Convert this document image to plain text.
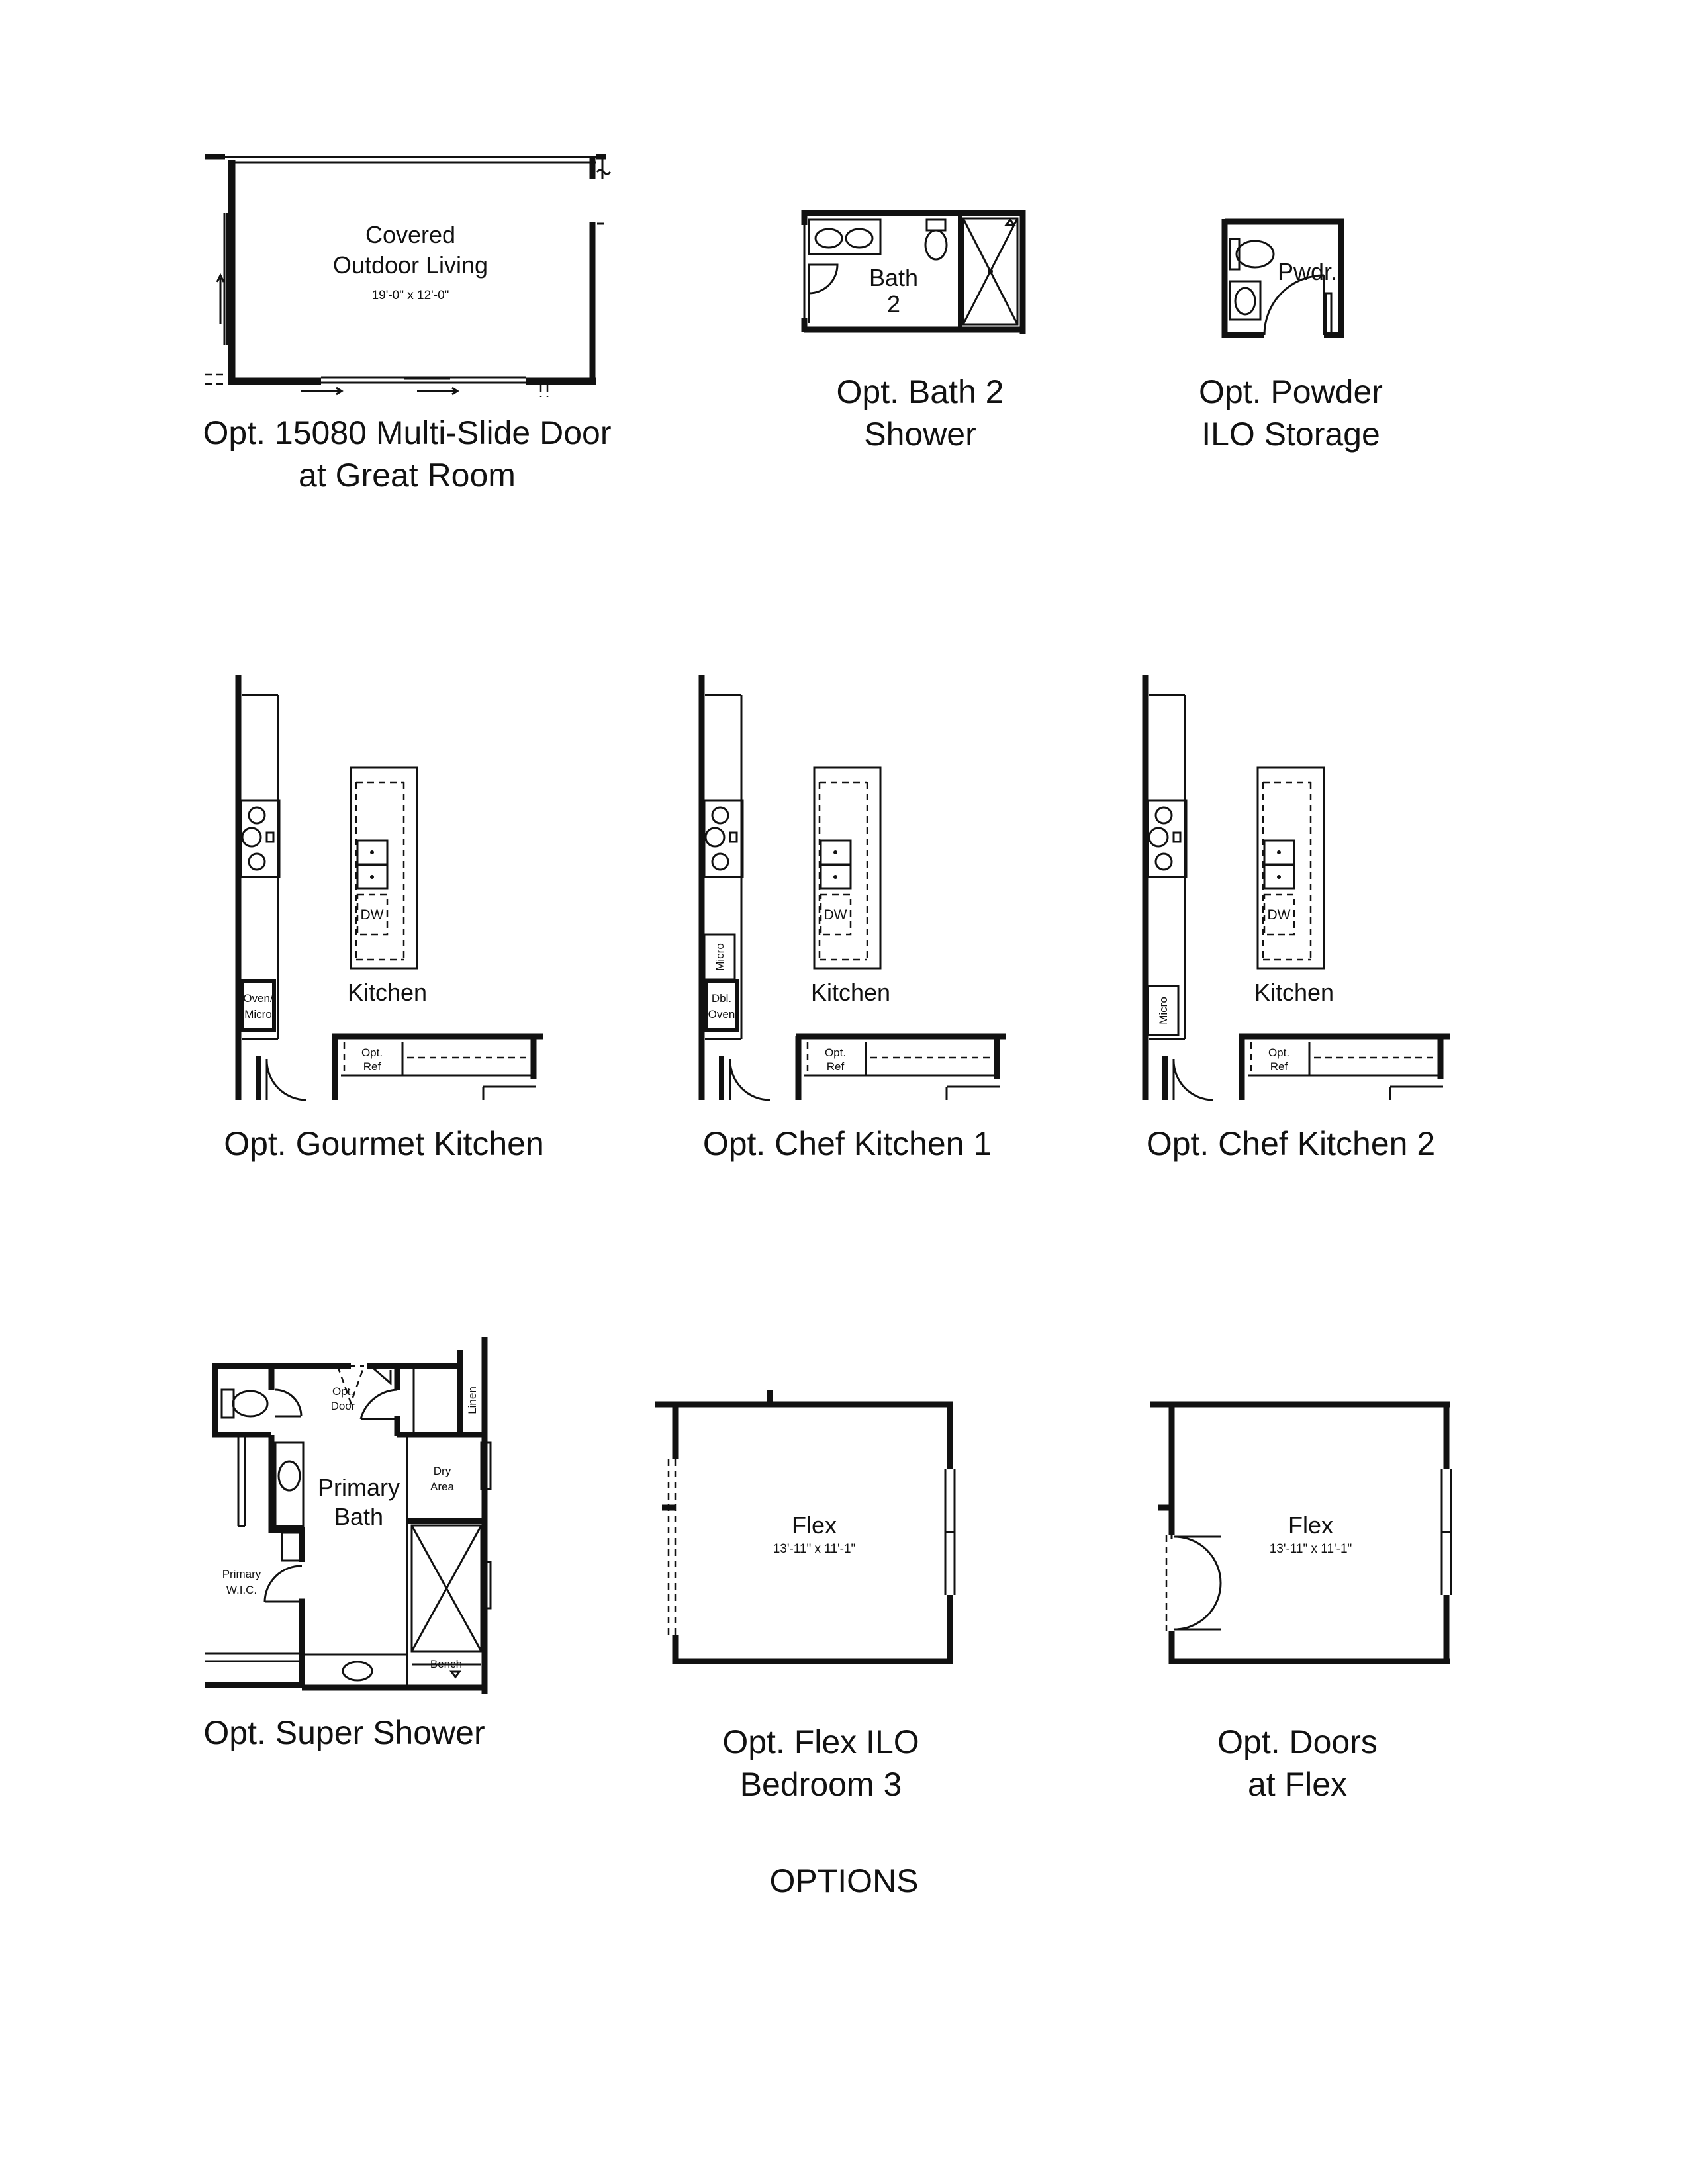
Covered
Outdoor Living
19'-0" x 12'-0"
Opt. 15080 Multi-Slide Door
at Great Room
Bath
2
Opt. Bath 2
Shower
Pwdr.
Opt. Powder
ILO Storage
Oven/
Micro
DW
Kitchen
Opt.
Ref
Opt. Gourmet Kitchen
Micro
Dbl.
Oven
DW
Kitchen
Opt.
Ref
Opt. Chef Kitchen 1
Micro
DW
Kitchen
Opt.
Ref
Opt. Chef Kitchen 2
Opt.
Door	Linen
Dry
Area
Primary
Bath
Primary
W.I.C.
Bench
Opt. Super Shower
Flex
13'-11" x 11'-1"
Opt. Flex ILO
Bedroom 3
Flex
13'-11" x 11'-1"
Opt. Doors
at Flex
OPTIONS
